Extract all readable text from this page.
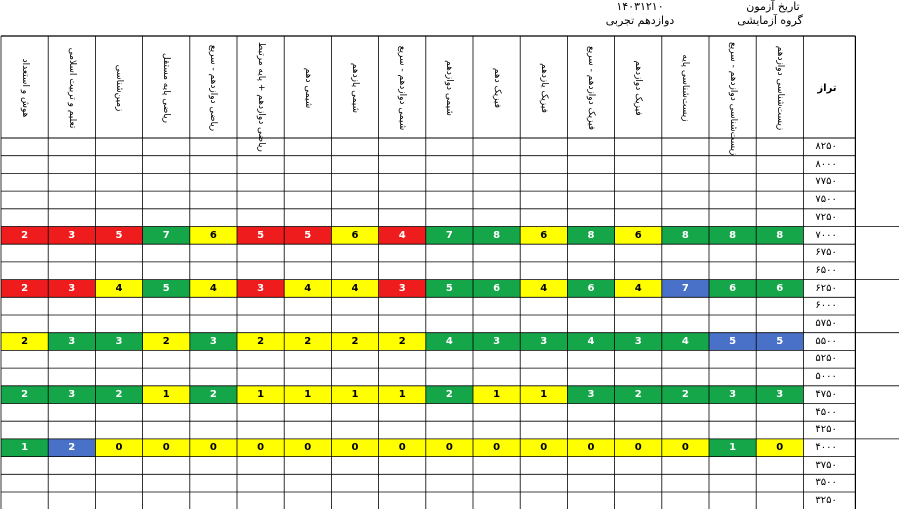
تاریخ آزمون
۱۴۰۳۱۲۱۰
گروه آزمایشی
دوازدهم تجربی
زیست‌شناسی دوازدهم
زیست‌شناسی دوازدهم - سریع
زیست‌شناسی پایه
فیزیک دوازدهم
فیزیک دوازدهم - سریع
فیزیک یازدهم
فیزیک دهم
شیمی دوازدهم
شیمی دوازدهم - سریع
شیمی یازدهم
شیمی دهم
ریاضی دوازدهم + پایه مرتبط
ریاضی دوازدهم - سریع
ریاضی پایه مستقل
زمین‌شناسی
تعلیم و تربیت اسلامی
هوش و استعداد	تراز
۸۲۵۰
۸۰۰۰
۷۷۵۰
۷۵۰۰
۷۲۵۰
۷۰۰۰
۶۷۵۰
۶۵۰۰
۶۲۵۰
۶۰۰۰
۵۷۵۰
۵۵۰۰
۵۲۵۰
۵۰۰۰
۴۷۵۰
۴۵۰۰
۴۲۵۰
۴۰۰۰
۳۷۵۰
۳۵۰۰
۳۲۵۰
8
8
8
6
8
6
8
7
4
6
5
5
6
7
5
3
2
6
6
7
4
6
4
6
5
3
4
4
3
4
5
4
3
2
5
5
4
3
4
3
3
4
2
2
2
2
3
2
3
3
2
3
3
2
2
3
1
1
2
1
1
1
1
2
1
2
3
2
0
1
0
0
0
0
0
0
0
0
0
0
0
0
0
2
1
